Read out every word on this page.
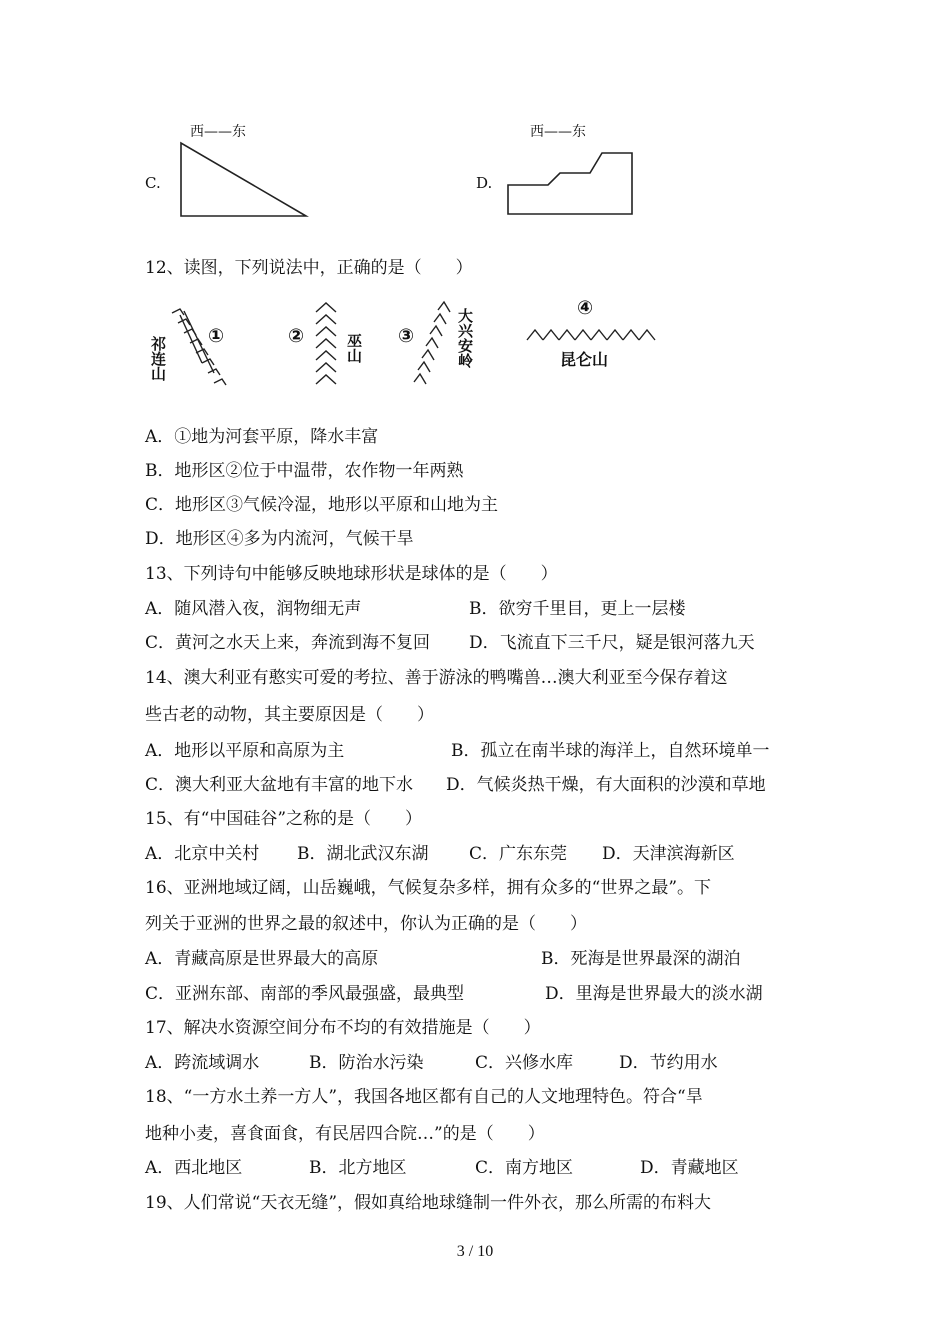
C.
西——东
D.
西——东
12、读图，下列说法中，正确的是（　　）
祁连山 ①	②	巫山 ③	大兴安岭	④
昆仑山
A．①地为河套平原，降水丰富
B．地形区②位于中温带，农作物一年两熟
C．地形区③气候冷湿，地形以平原和山地为主
D．地形区④多为内流河，气候干旱
13、下列诗句中能够反映地球形状是球体的是（　　）
A．随风潜入夜，润物细无声	B．欲穷千里目，更上一层楼
C．黄河之水天上来，奔流到海不复回 D．飞流直下三千尺，疑是银河落九天
14、澳大利亚有憨实可爱的考拉、善于游泳的鸭嘴兽…澳大利亚至今保存着这
些古老的动物，其主要原因是（　　）
A．地形以平原和高原为主	B．孤立在南半球的海洋上，自然环境单一
C．澳大利亚大盆地有丰富的地下水 D．气候炎热干燥，有大面积的沙漠和草地
15、有“中国硅谷”之称的是（　　）
A．北京中关村 B．湖北武汉东湖 C．广东东莞 D．天津滨海新区
16、亚洲地域辽阔，山岳巍峨，气候复杂多样，拥有众多的“世界之最”。下
列关于亚洲的世界之最的叙述中，你认为正确的是（　　）
A．青藏高原是世界最大的高原	B．死海是世界最深的湖泊
C．亚洲东部、南部的季风最强盛，最典型	D．里海是世界最大的淡水湖
17、解决水资源空间分布不均的有效措施是（　　）
A．跨流域调水	B．防治水污染	C．兴修水库	D．节约用水
18、“一方水土养一方人”，我国各地区都有自己的人文地理特色。符合“旱
地种小麦，喜食面食，有民居四合院…”的是（　　）
A．西北地区	B．北方地区	C．南方地区	D．青藏地区
19、人们常说“天衣无缝”，假如真给地球缝制一件外衣，那么所需的布料大
3 / 10
